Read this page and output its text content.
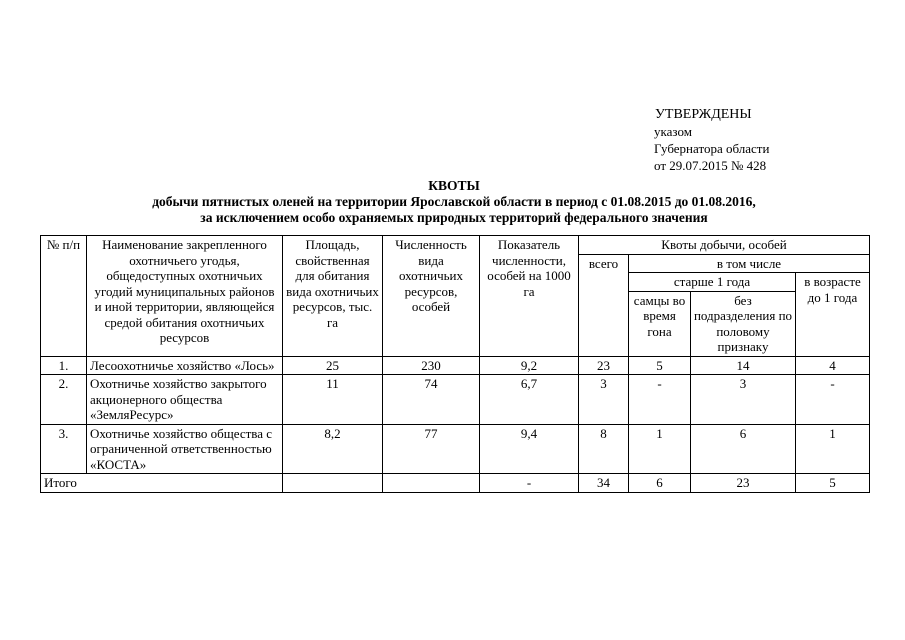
УТВЕРЖДЕНЫ
указом
Губернатора области
от 29.07.2015 № 428
КВОТЫ
добычи пятнистых оленей на территории Ярославской области в период с 01.08.2015 до 01.08.2016,
за исключением особо охраняемых природных территорий федерального значения
№ п/п	Наименование закрепленного охотничьего угодья, общедоступных охотничьих угодий муниципальных районов и иной территории, являющейся средой обитания охотничьих ресурсов	Площадь, свойственная для обитания вида охотничьих ресурсов, тыс. га	Численность вида охотничьих ресурсов, особей	Показатель численности, особей на 1000 га	Квоты добычи, особей			
					всего	в том числе		
						старше 1 года		в возрасте до 1 года
						самцы во время гона	без подразделения по половому признаку	
1.	Лесоохотничье хозяйство «Лось»	25	230	9,2	23	5	14	4
2.	Охотничье хозяйство закрытого акционерного общества «ЗемляРесурс»	11	74	6,7	3	-	3	-
3.	Охотничье хозяйство общества с ограниченной ответственностью «КОСТА»	8,2	77	9,4	8	1	6	1
Итого				-	34	6	23	5
